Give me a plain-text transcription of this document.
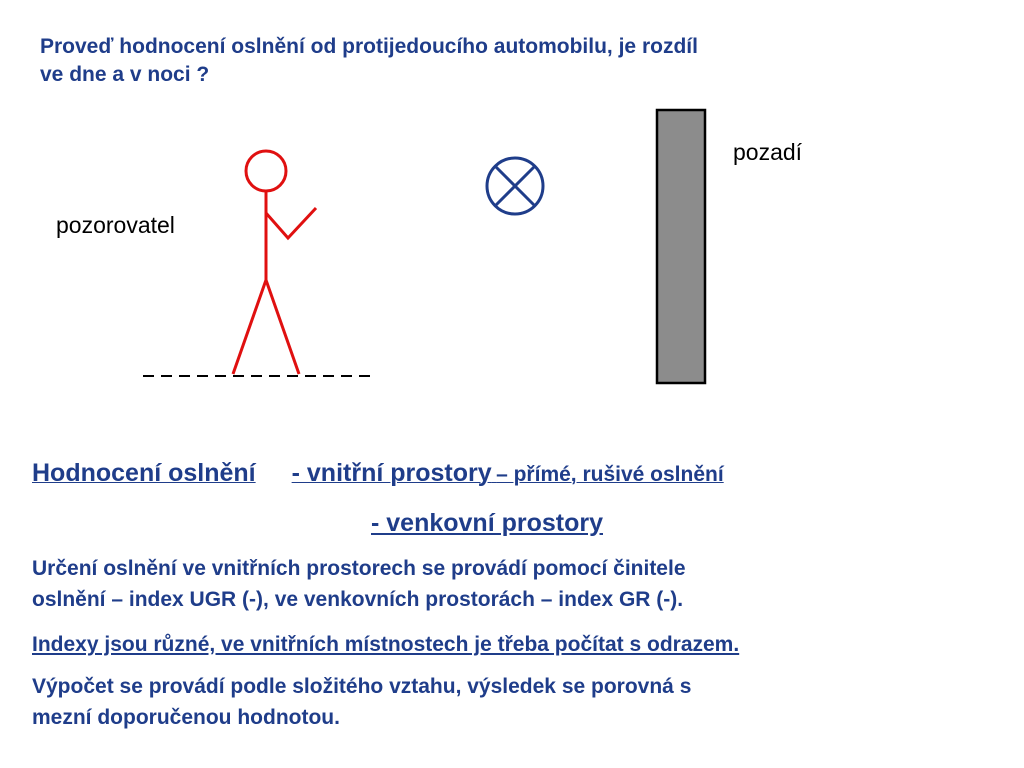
Proveď hodnocení oslnění od protijedoucího automobilu, je rozdíl
ve dne a v noci ?
pozorovatel
pozadí
Hodnocení oslnění - vnitřní prostory – přímé, rušivé oslnění
- venkovní prostory
Určení oslnění ve vnitřních prostorech se provádí pomocí činitele
oslnění – index UGR (-), ve venkovních prostorách – index GR (-).
Indexy jsou různé, ve vnitřních místnostech je třeba počítat s odrazem.
Výpočet se provádí podle složitého vztahu, výsledek se porovná s
mezní doporučenou hodnotou.
